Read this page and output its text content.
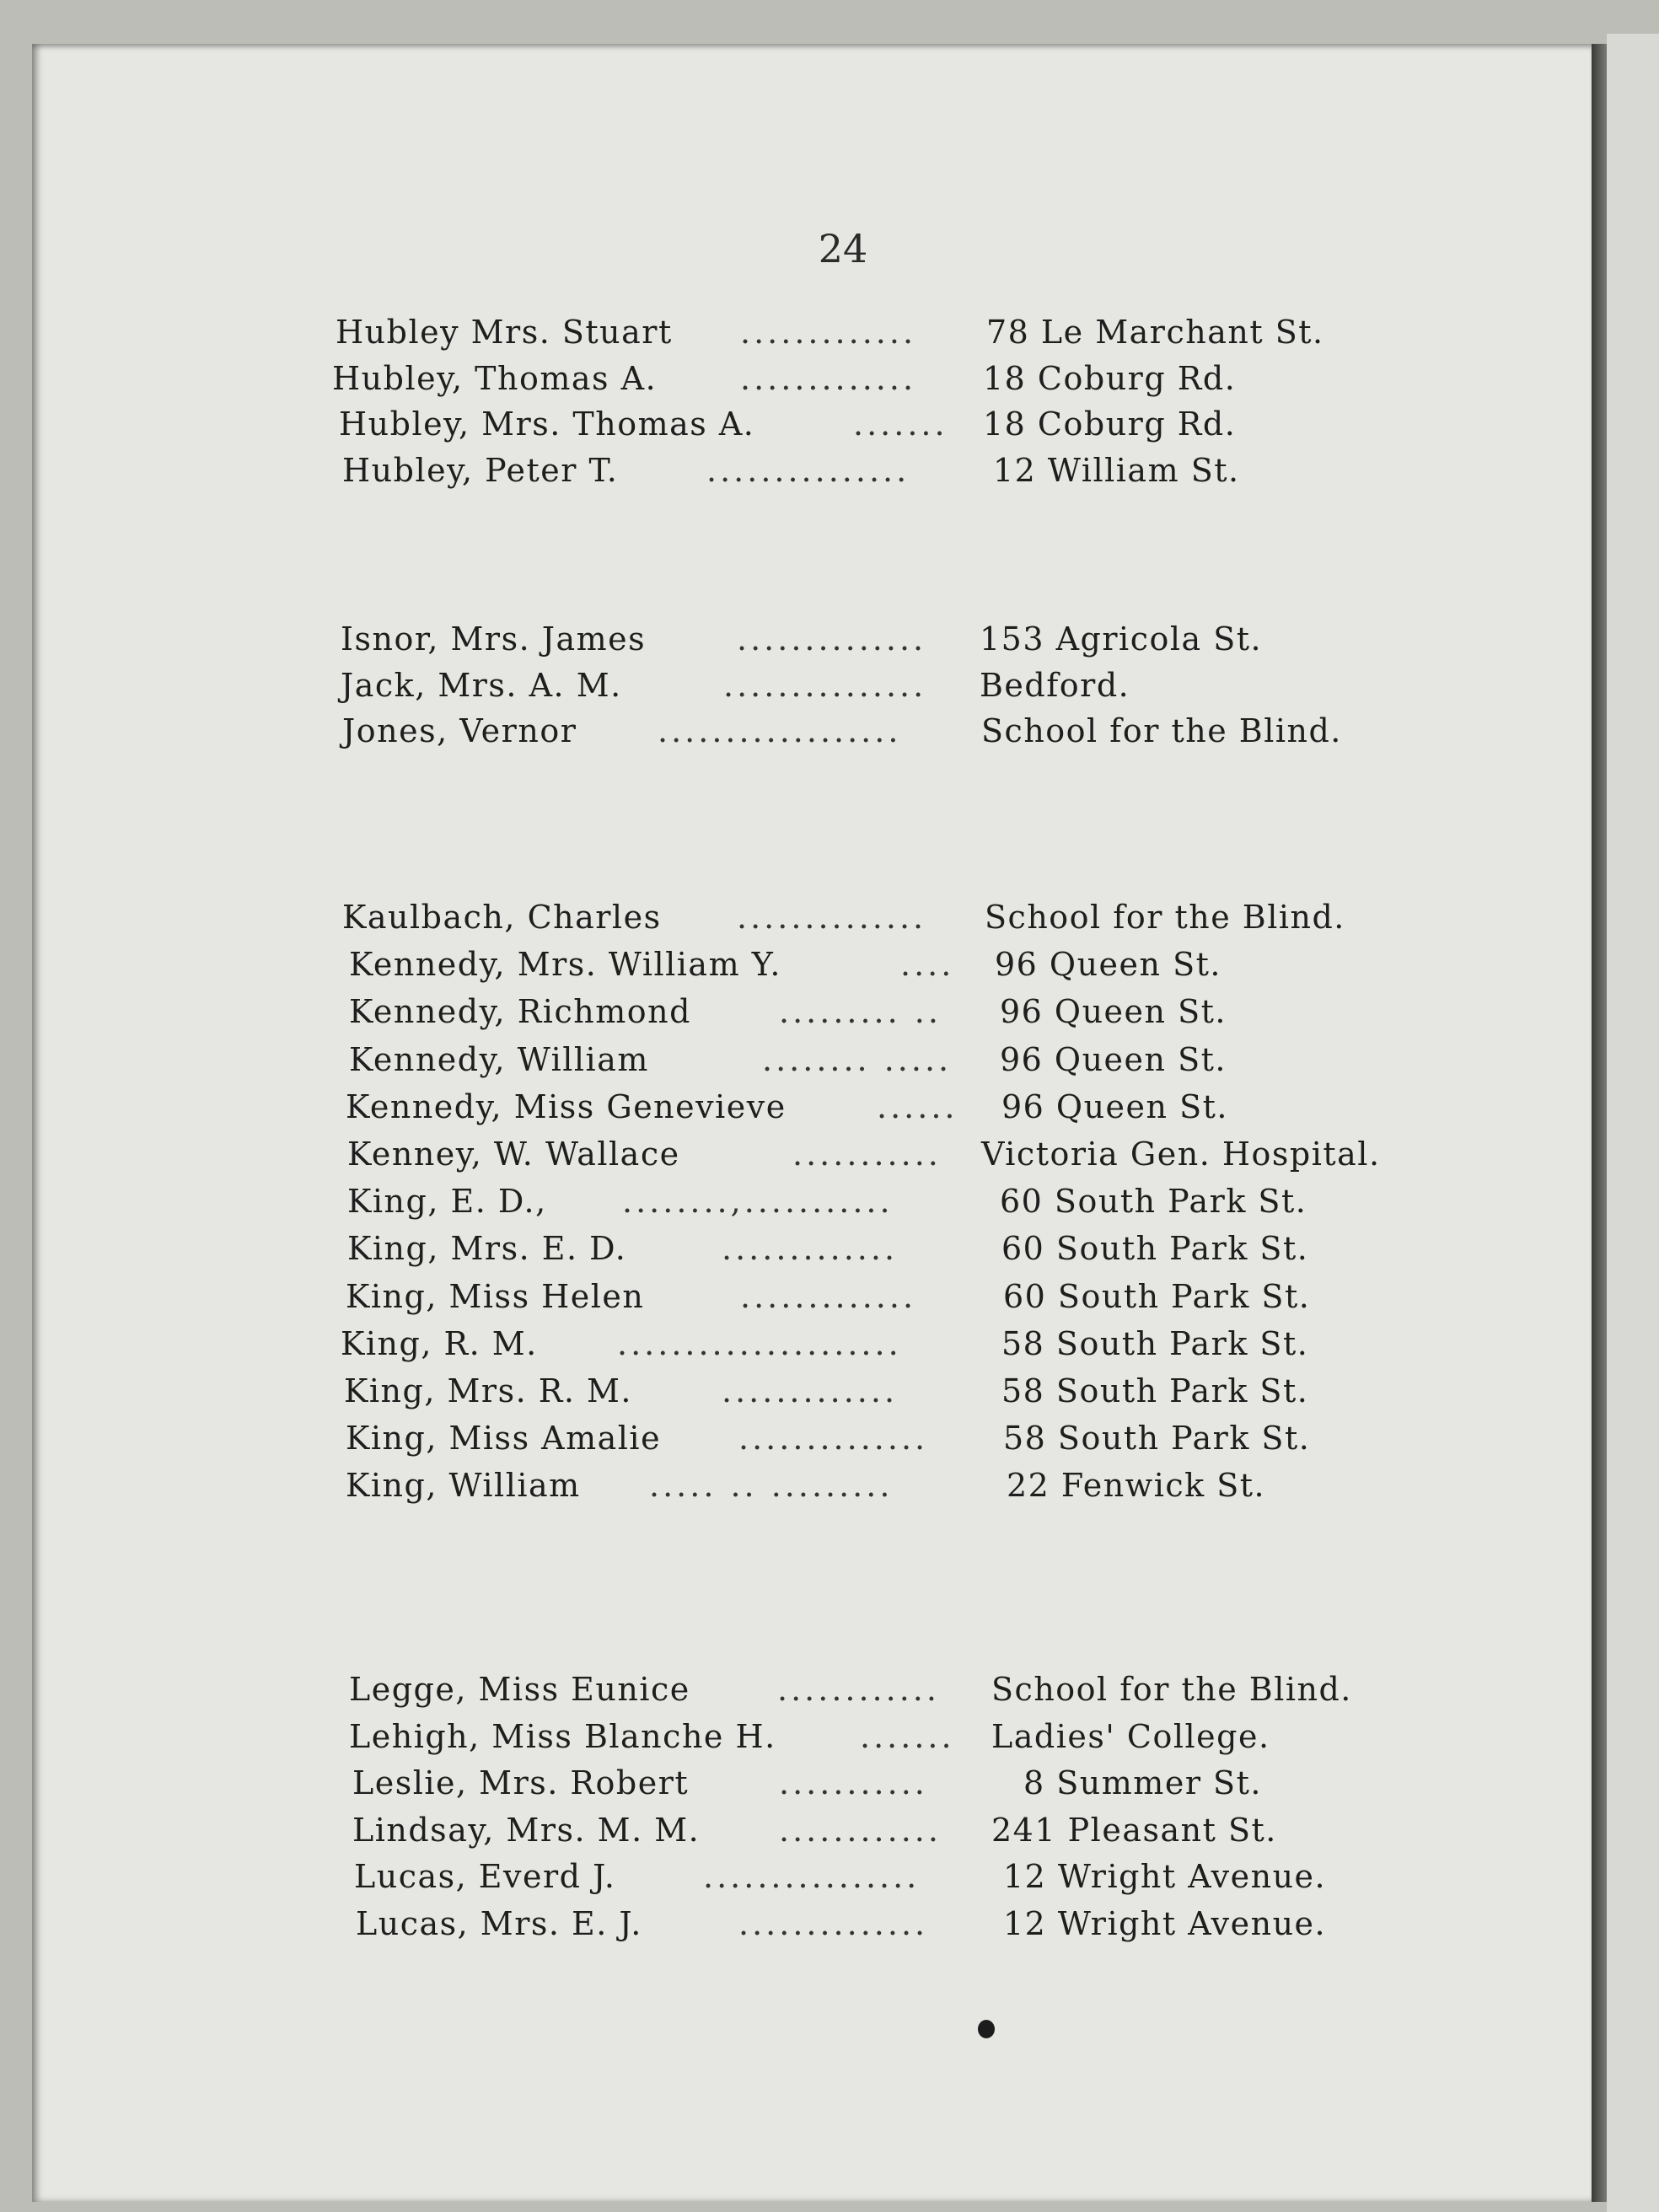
24
Hubley Mrs. Stuart .............	78 Le Marchant St.
Hubley, Thomas A.	.............	18 Coburg Rd.
Hubley, Mrs. Thomas A.	.......	18 Coburg Rd.
Hubley, Peter T.	...............	12 William St.
Isnor, Mrs. James	..............	153 Agricola St.
Jack, Mrs. A. M.	...............	Bedford.
Jones, Vernor	..................	School for the Blind.
Kaulbach, Charles ..............	School for the Blind.
Kennedy, Mrs. William Y.	....	96 Queen St.
Kennedy, Richmond	......... ..	96 Queen St.
Kennedy, William	........ .....	96 Queen St.
Kennedy, Miss Genevieve	......	96 Queen St.
Kenney, W. Wallace	...........	Victoria Gen. Hospital.
King, E. D., ........,...........	60 South Park St.
King, Mrs. E. D.	.............	60 South Park St.
King, Miss Helen	.............	60 South Park St.
King, R. M. .....................	58 South Park St.
King, Mrs. R. M.	.............	58 South Park St.
King, Miss Amalie ..............	58 South Park St.
King, William ..... .. .........	22 Fenwick St.
Legge, Miss Eunice	............	School for the Blind.
Lehigh, Miss Blanche H.	.......	Ladies' College.
Leslie, Mrs. Robert	...........	8 Summer St.
Lindsay, Mrs. M. M. ............	241 Pleasant St.
Lucas, Everd J.	................	12 Wright Avenue.
Lucas, Mrs. E. J.	..............	12 Wright Avenue.
